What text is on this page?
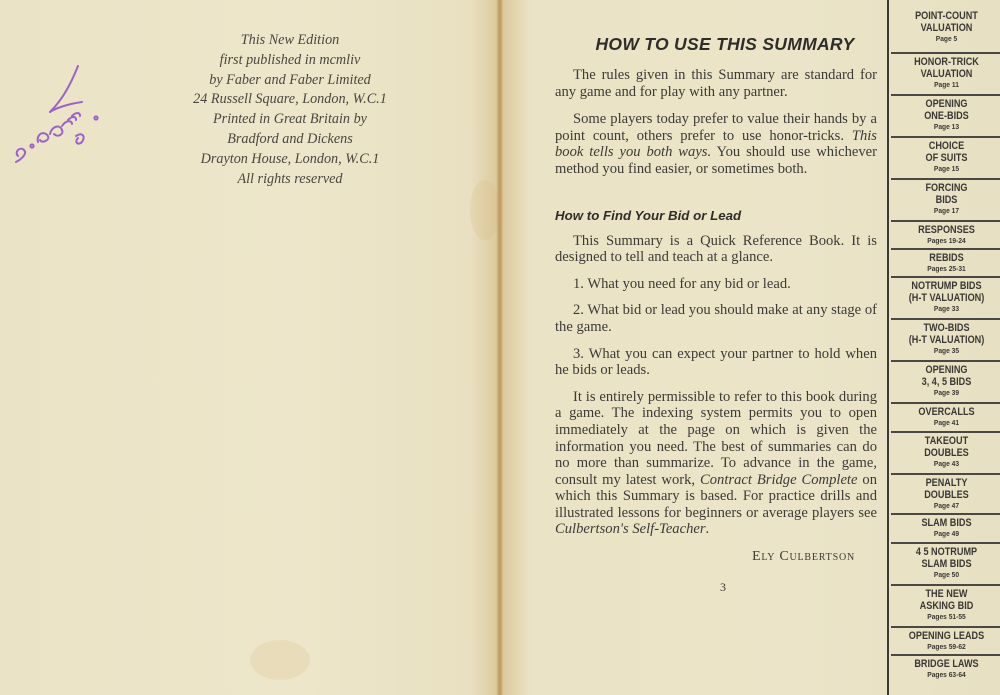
This New Edition
first published in mcmliv
by Faber and Faber Limited
24 Russell Square, London, W.C.1
Printed in Great Britain by
Bradford and Dickens
Drayton House, London, W.C.1
All rights reserved
HOW TO USE THIS SUMMARY

The rules given in this Summary are standard for any game and for play with any partner.

Some players today prefer to value their hands by a point count, others prefer to use honor-tricks. This book tells you both ways. You should use whichever method you find easier, or sometimes both.

How to Find Your Bid or Lead

This Summary is a Quick Reference Book. It is designed to tell and teach at a glance.

1. What you need for any bid or lead.

2. What bid or lead you should make at any stage of the game.

3. What you can expect your partner to hold when he bids or leads.

It is entirely permissible to refer to this book during a game. The indexing system permits you to open immediately at the page on which is given the information you need. The best of summaries can do no more than summarize. To advance in the game, consult my latest work, Contract Bridge Complete on which this Summary is based. For practice drills and illustrated lessons for beginners or average players see Culbertson's Self-Teacher.

Ely Culbertson
3
POINT-COUNT
VALUATION
Page 5
HONOR-TRICK
VALUATION
Page 11
OPENING
ONE-BIDS
Page 13
CHOICE
OF SUITS
Page 15
FORCING
BIDS
Page 17
RESPONSES
Pages 19-24
REBIDS
Pages 25-31
NOTRUMP BIDS
(H-T VALUATION)
Page 33
TWO-BIDS
(H-T VALUATION)
Page 35
OPENING
3, 4, 5 BIDS
Page 39
OVERCALLS
Page 41
TAKEOUT
DOUBLES
Page 43
PENALTY
DOUBLES
Page 47
SLAM BIDS
Page 49
4 5 NOTRUMP
SLAM BIDS
Page 50
THE NEW
ASKING BID
Pages 51-55
OPENING LEADS
Pages 59-62
BRIDGE LAWS
Pages 63-64
